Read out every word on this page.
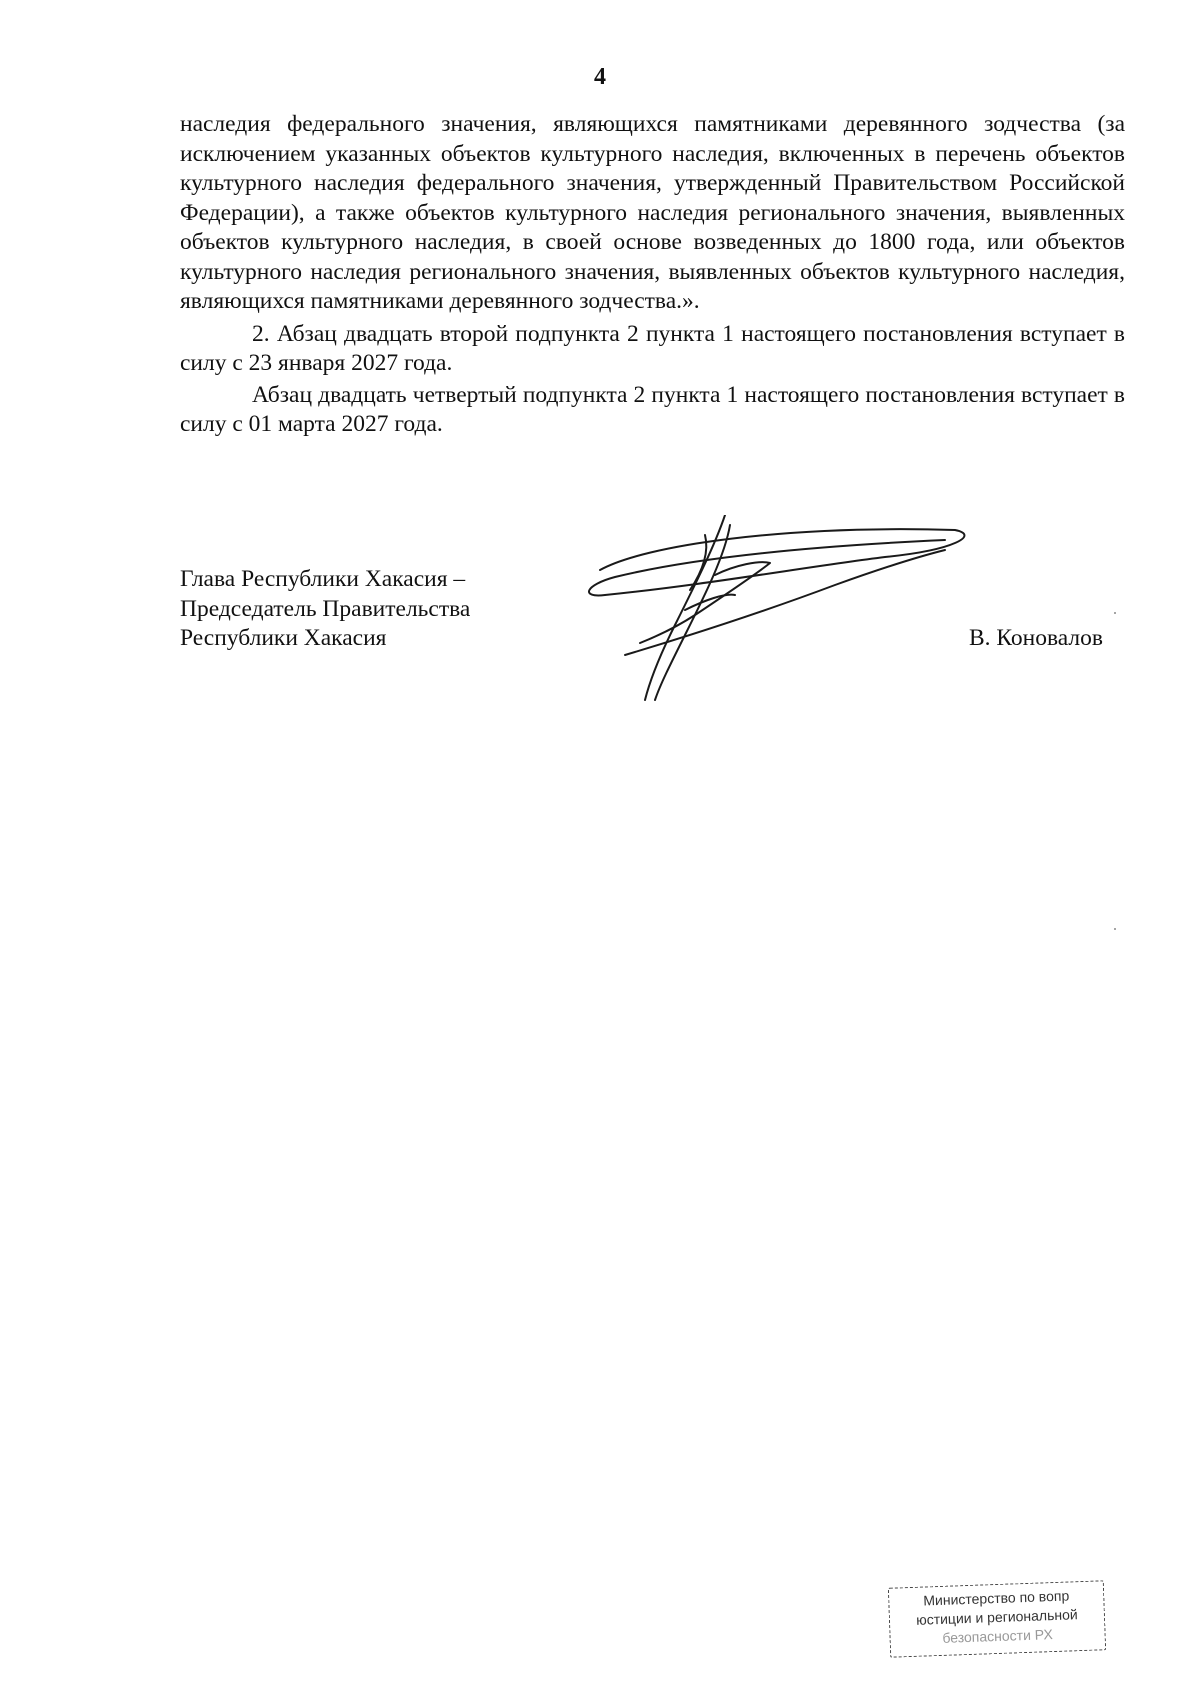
4

наследия федерального значения, являющихся памятниками деревянного зодчества (за исключением указанных объектов культурного наследия, включенных в перечень объектов культурного наследия федерального значения, утвержденный Правительством Российской Федерации), а также объектов культурного наследия регионального значения, выявленных объектов культурного наследия, в своей основе возведенных до 1800 года, или объектов культурного наследия регионального значения, выявленных объектов культурного наследия, являющихся памятниками деревянного зодчества.».

2. Абзац двадцать второй подпункта 2 пункта 1 настоящего постановления вступает в силу с 23 января 2027 года.

Абзац двадцать четвертый подпункта 2 пункта 1 настоящего постановления вступает в силу с 01 марта 2027 года.

Глава Республики Хакасия –
Председатель Правительства
Республики Хакасия	В. Коновалов
Министерство по вопр
юстиции и региональной
безопасности РХ
